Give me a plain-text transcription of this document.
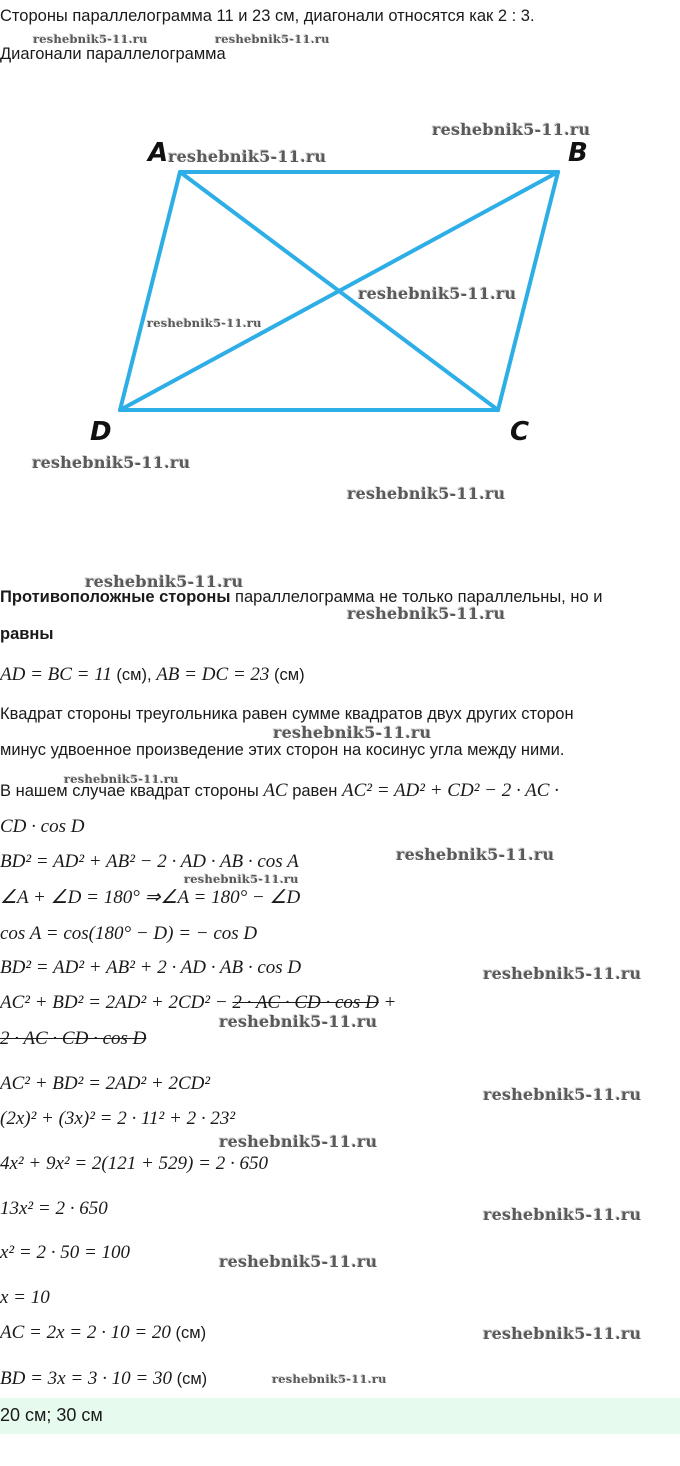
Стороны параллелограмма 11 и 23 см, диагонали относятся как 2 : 3.
Диагонали параллелограмма
A	B
C
D
Противоположные стороны параллелограмма не только параллельны, но и
равны
AD = BC = 11 (см), AB = DC = 23 (см)
Квадрат стороны треугольника равен сумме квадратов двух других сторон
минус удвоенное произведение этих сторон на косинус угла между ними.
В нашем случае квадрат стороны AC равен AC² = AD² + CD² − 2 · AC ·
CD · cos D
BD² = AD² + AB² − 2 · AD · AB · cos A
∠A + ∠D = 180° ⇒∠A = 180° − ∠D
cos A = cos(180° − D) = − cos D
BD² = AD² + AB² + 2 · AD · AB · cos D
AC² + BD² = 2AD² + 2CD² − 2 · AC · CD · cos D +
2 · AC · CD · cos D
AC² + BD² = 2AD² + 2CD²
(2x)² + (3x)² = 2 · 11² + 2 · 23²
4x² + 9x² = 2(121 + 529) = 2 · 650
13x² = 2 · 650
x² = 2 · 50 = 100
x = 10
AC = 2x = 2 · 10 = 20 (см)
BD = 3x = 3 · 10 = 30 (см)
20 см; 30 см
reshebnik5-11.ru	reshebnik5-11.ru
reshebnik5-11.ru
reshebnik5-11.ru
reshebnik5-11.ru
reshebnik5-11.ru
reshebnik5-11.ru
reshebnik5-11.ru
reshebnik5-11.ru
reshebnik5-11.ru
reshebnik5-11.ru
reshebnik5-11.ru
reshebnik5-11.ru
reshebnik5-11.ru
reshebnik5-11.ru
reshebnik5-11.ru
reshebnik5-11.ru
reshebnik5-11.ru
reshebnik5-11.ru
reshebnik5-11.ru
reshebnik5-11.ru
reshebnik5-11.ru
